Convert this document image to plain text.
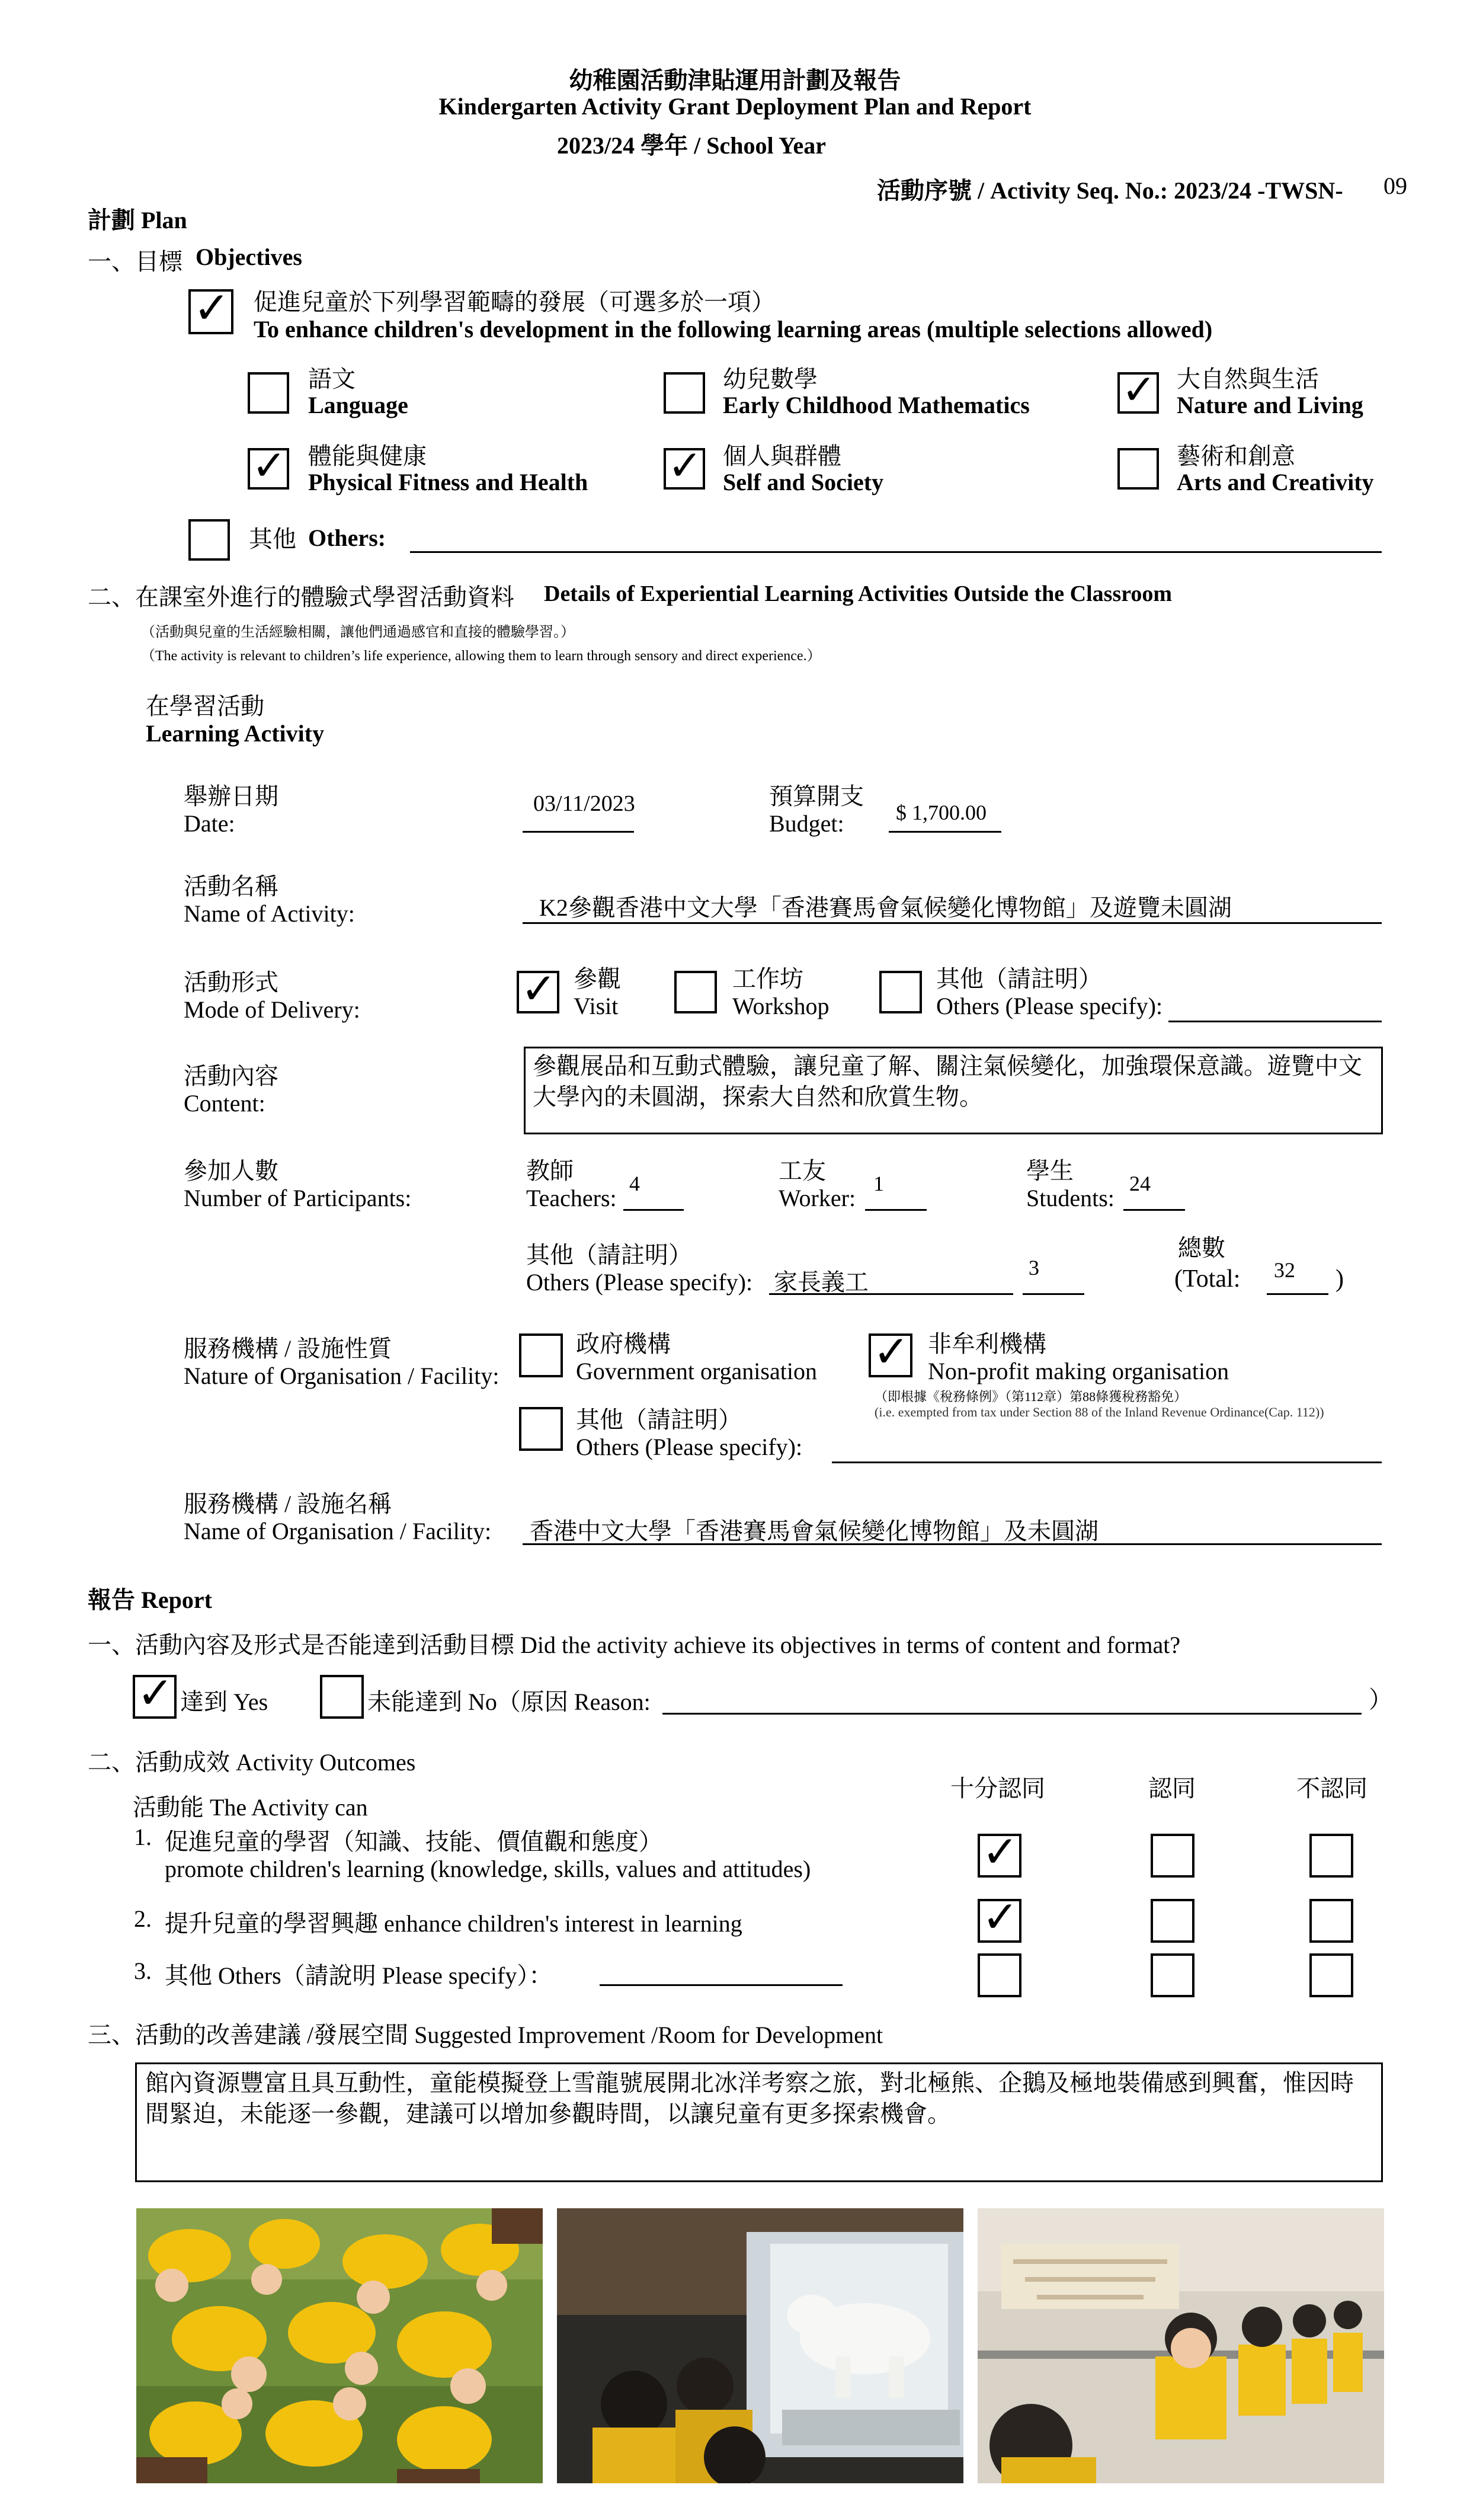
幼稚園活動津貼運用計劃及報告
Kindergarten Activity Grant Deployment Plan and Report
2023/24 學年 / School Year
活動序號 / Activity Seq. No.: 2023/24 -TWSN- 09
計劃 Plan
一、目標 Objectives
✓ 促進兒童於下列學習範疇的發展（可選多於一項）
To enhance children's development in the following learning areas (multiple selections allowed)
語文
Language
幼兒數學
Early Childhood Mathematics ✓ 大自然與生活
Nature and Living
✓ 體能與健康
Physical Fitness and Health ✓ 個人與群體
Self and Society
藝術和創意
Arts and Creativity
其他 Others:
二、在課室外進行的體驗式學習活動資料 Details of Experiential Learning Activities Outside the Classroom
（活動與兒童的生活經驗相關，讓他們通過感官和直接的體驗學習。）
（The activity is relevant to children’s life experience, allowing them to learn through sensory and direct experience.）
在學習活動
Learning Activity
舉辦日期
Date:
03/11/2023	預算開支
Budget: $ 1,700.00
活動名稱
Name of Activity:	K2參觀香港中文大學「香港賽馬會氣候變化博物館」及遊覽未圓湖
活動形式
Mode of Delivery:	✓ 參觀
Visit
工作坊
Workshop
其他（請註明）
Others (Please specify):
活動內容
Content:
參觀展品和互動式體驗，讓兒童了解、關注氣候變化，加強環保意識。遊覽中文大學內的未圓湖，探索大自然和欣賞生物。
參加人數
Number of Participants:
教師
Teachers:
4	工友
Worker:
1	學生
Students:
24
其他（請註明）
Others (Please specify): 家長義工
3
總數
(Total: 32 )
服務機構 / 設施性質
Nature of Organisation / Facility:
政府機構
Government organisation ✓ 非牟利機構
Non-profit making organisation
（即根據《稅務條例》（第112章）第88條獲稅務豁免）
(i.e. exempted from tax under Section 88 of the Inland Revenue Ordinance(Cap. 112))
其他（請註明）
Others (Please specify):
服務機構 / 設施名稱
Name of Organisation / Facility: 香港中文大學「香港賽馬會氣候變化博物館」及未圓湖
報告 Report
一、活動內容及形式是否能達到活動目標 Did the activity achieve its objectives in terms of content and format?
✓ 達到 Yes	未能達到 No（原因 Reason:	）
二、活動成效 Activity Outcomes
活動能 The Activity can
十分認同	認同	不認同
1. 促進兒童的學習（知識、技能、價值觀和態度）
promote children's learning (knowledge, skills, values and attitudes)	✓
2. 提升兒童的學習興趣 enhance children's interest in learning	✓
3. 其他 Others（請說明 Please specify）：
三、活動的改善建議 /發展空間 Suggested Improvement /Room for Development
館內資源豐富且具互動性，童能模擬登上雪龍號展開北冰洋考察之旅，對北極熊、企鵝及極地裝備感到興奮，惟因時間緊迫，未能逐一參觀，建議可以增加參觀時間，以讓兒童有更多探索機會。
